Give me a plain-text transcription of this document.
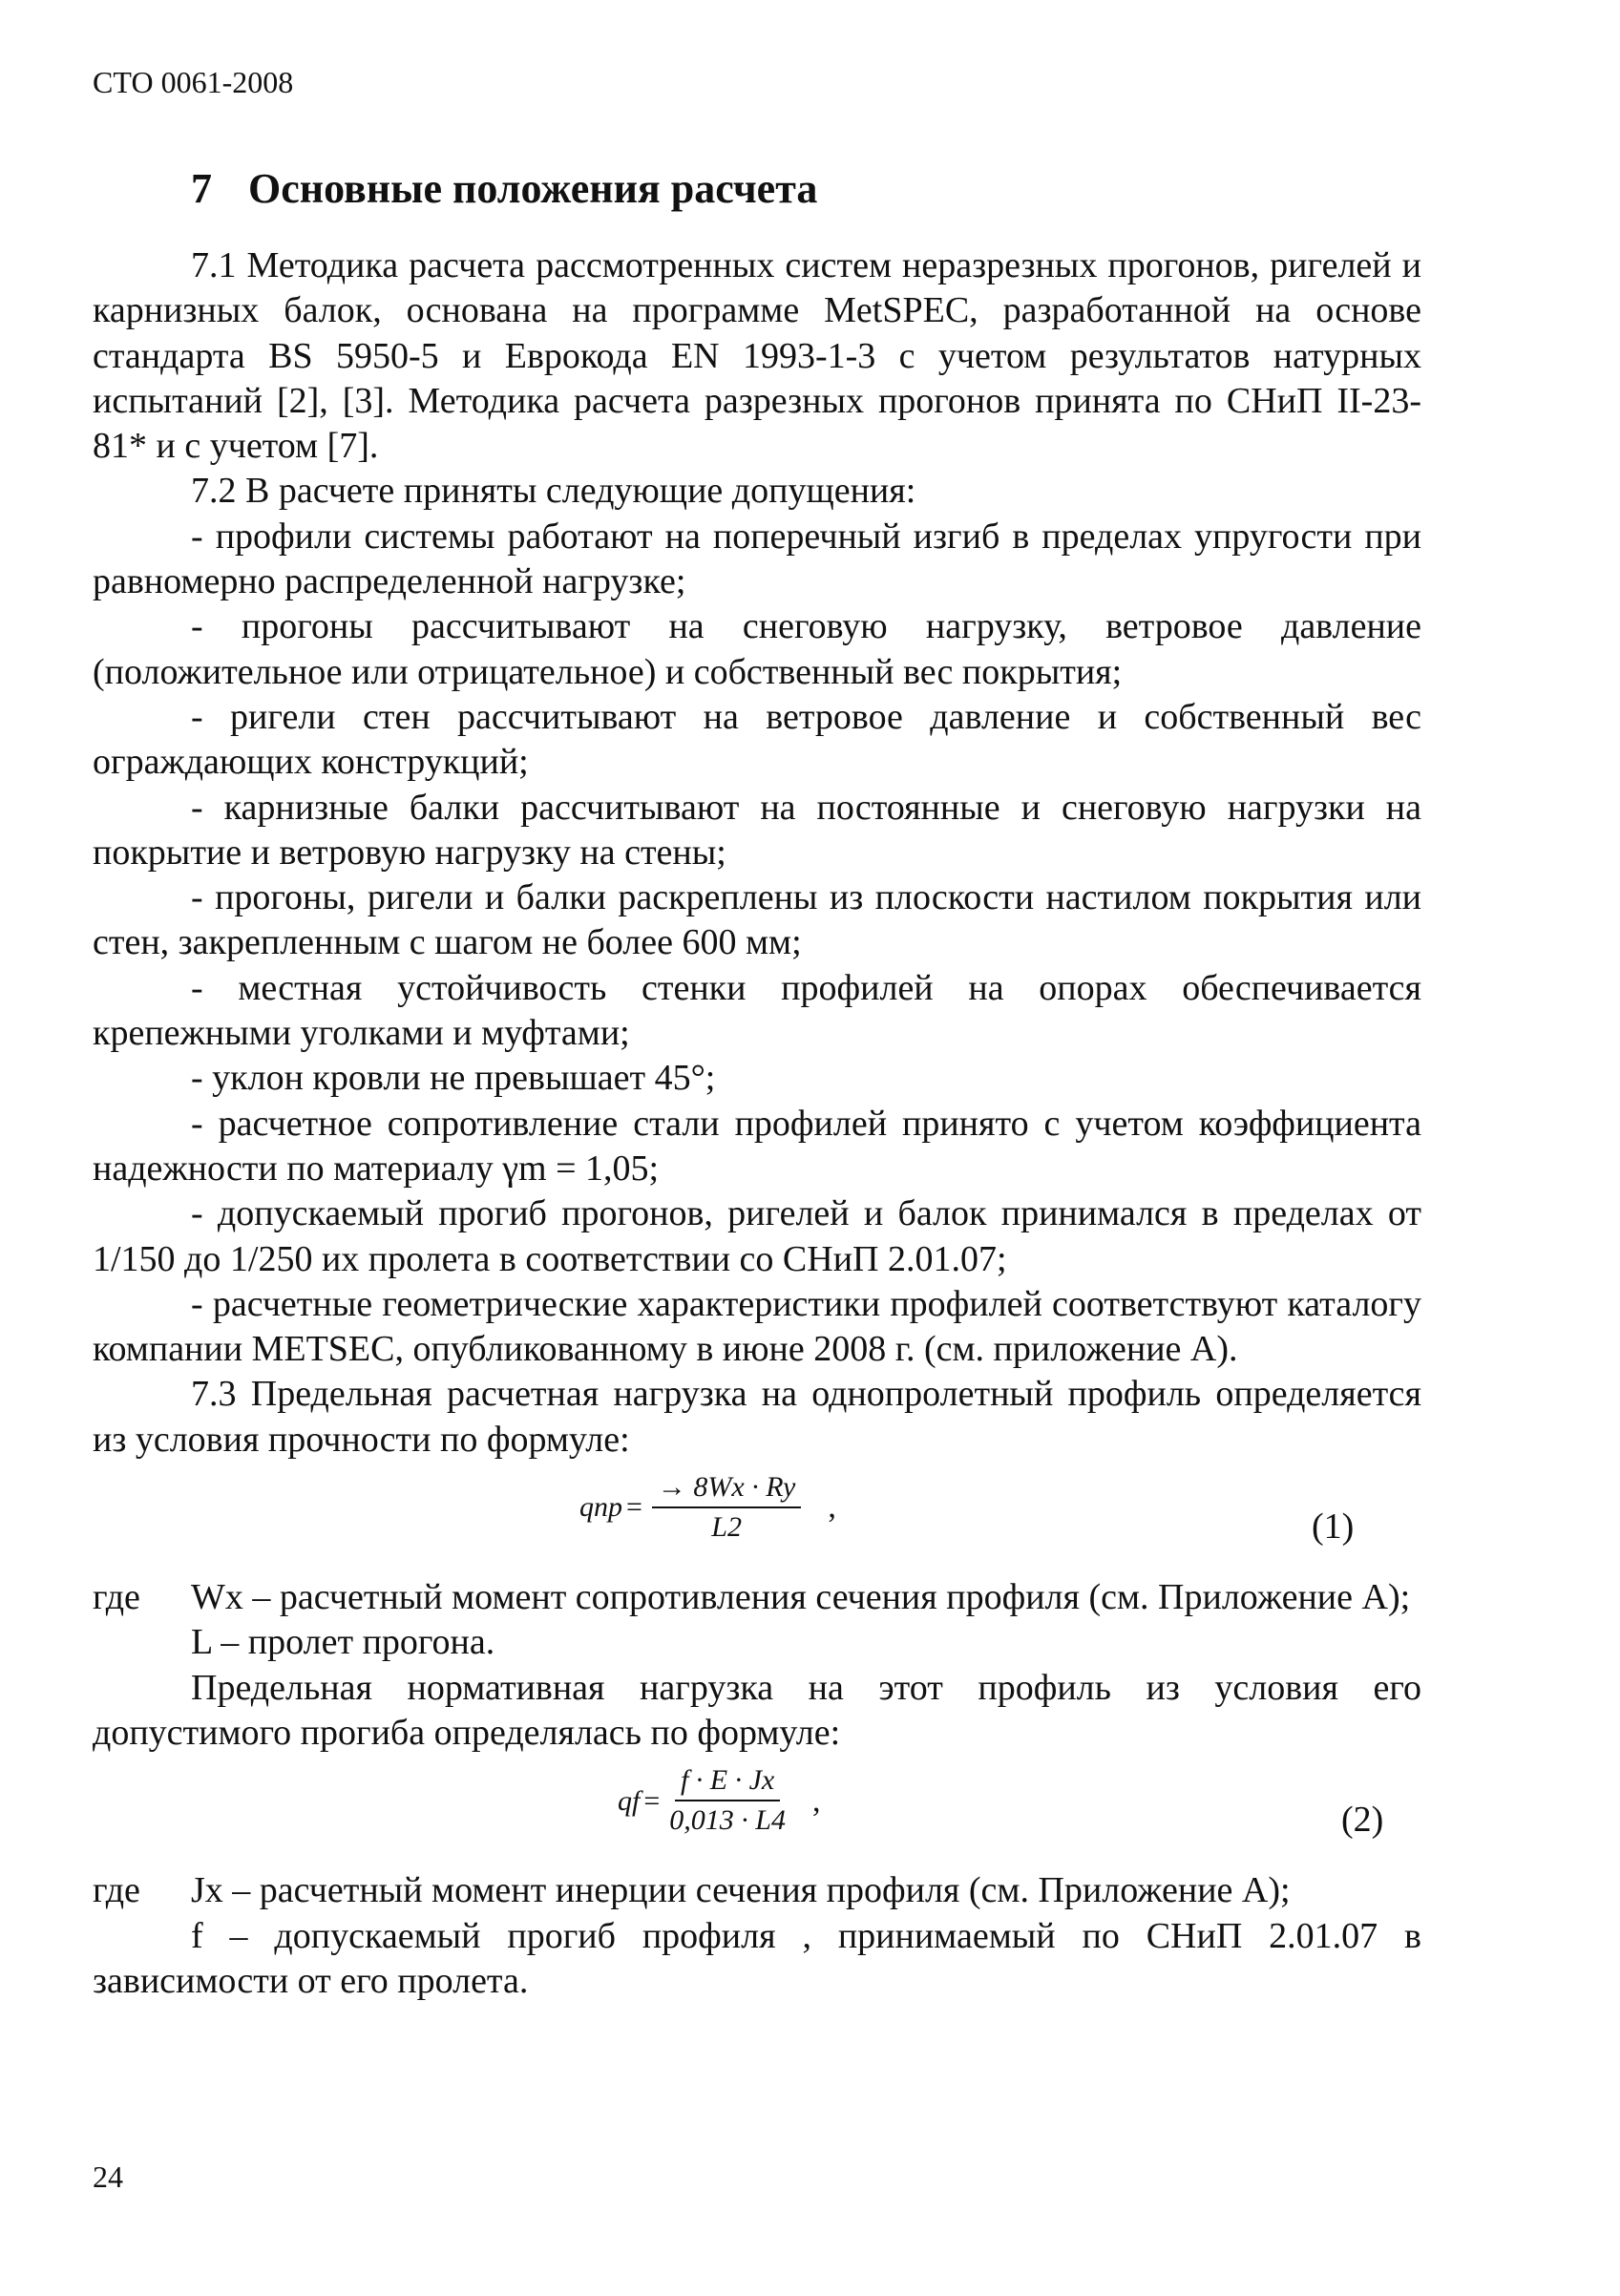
СТО 0061-2008
7 Основные положения расчета

7.1 Методика расчета рассмотренных систем неразрезных прогонов, ригелей и карнизных балок, основана на программе MetSPEC, разработанной на основе стандарта BS 5950-5 и Еврокода EN 1993-1-3 с учетом результатов натурных испытаний [2], [3]. Методика расчета разрезных прогонов принята по СНиП II-23-81* и с учетом [7].

7.2 В расчете приняты следующие допущения:

- профили системы работают на поперечный изгиб в пределах упругости при равномерно распределенной нагрузке;

- прогоны рассчитывают на снеговую нагрузку, ветровое давление (положительное или отрицательное) и собственный вес покрытия;

- ригели стен рассчитывают на ветровое давление и собственный вес ограждающих конструкций;

- карнизные балки рассчитывают на постоянные и снеговую нагрузки на покрытие и ветровую нагрузку на стены;

- прогоны, ригели и балки раскреплены из плоскости настилом покрытия или стен, закрепленным с шагом не более 600 мм;

- местная устойчивость стенки профилей на опорах обеспечивается крепежными уголками и муфтами;

- уклон кровли не превышает 45°;

- расчетное сопротивление стали профилей принято с учетом коэффициента надежности по материалу γm = 1,05;

- допускаемый прогиб прогонов, ригелей и балок принимался в пределах от 1/150 до 1/250 их пролета в соответствии со СНиП 2.01.07;

- расчетные геометрические характеристики профилей соответствуют каталогу компании METSEC, опубликованному в июне 2008 г. (см. приложение А).

7.3 Предельная расчетная нагрузка на однопролетный профиль определяется из условия прочности по формуле:

qпр = $\frac{\to 8Wx \cdot Ry}{L2}$ ,	(1)
где	Wx – расчетный момент сопротивления сечения профиля (см. Приложение А);

L – пролет прогона.

Предельная нормативная нагрузка на этот профиль из условия его допустимого прогиба определялась по формуле:

qf = $\frac{f \cdot E \cdot Jx}{0,013 \cdot L4}$ ,	(2)
где	Jx – расчетный момент инерции сечения профиля (см. Приложение А);

f – допускаемый прогиб профиля , принимаемый по СНиП 2.01.07 в зависимости от его пролета.

24
